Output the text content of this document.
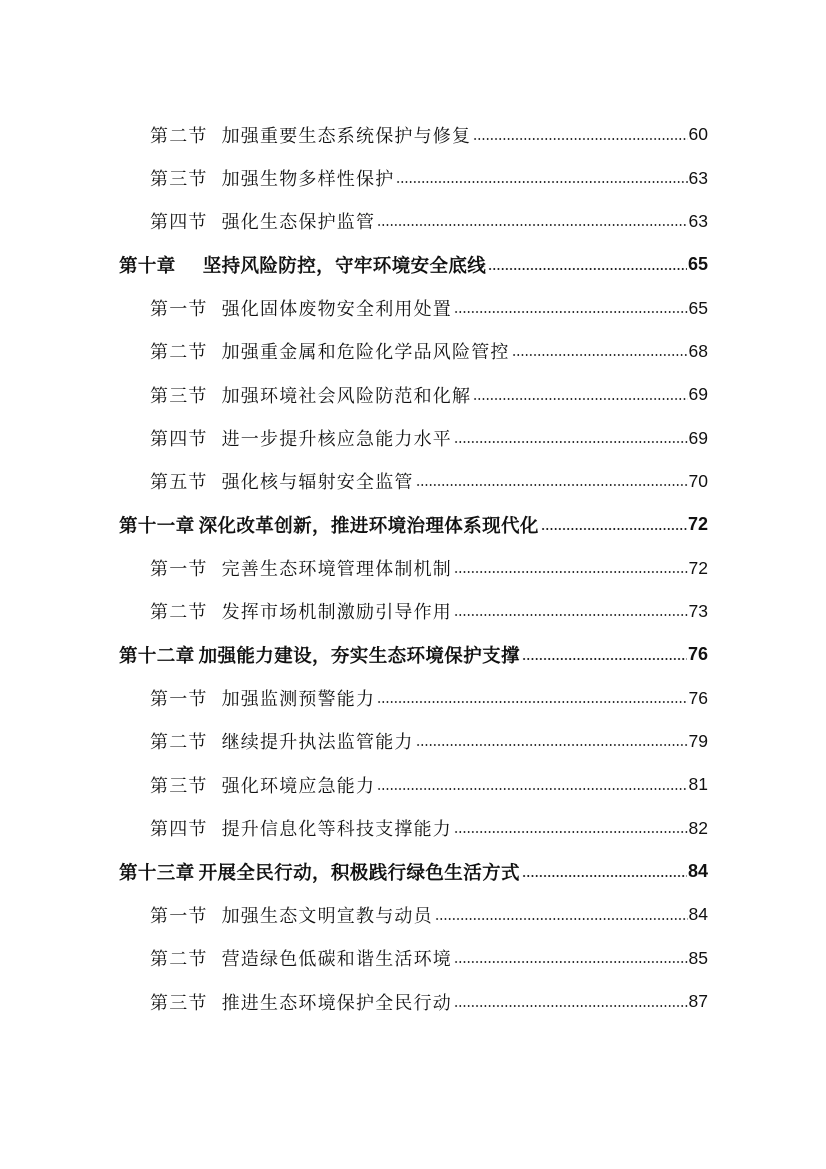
第二节 加强重要生态系统保护与修复	60
第三节 加强生物多样性保护	63
第四节 强化生态保护监管	63
第十章 坚持风险防控，守牢环境安全底线	65
第一节 强化固体废物安全利用处置	65
第二节 加强重金属和危险化学品风险管控	68
第三节 加强环境社会风险防范和化解	69
第四节 进一步提升核应急能力水平	69
第五节 强化核与辐射安全监管	70
第十一章 深化改革创新，推进环境治理体系现代化	72
第一节 完善生态环境管理体制机制	72
第二节 发挥市场机制激励引导作用	73
第十二章 加强能力建设，夯实生态环境保护支撑	76
第一节 加强监测预警能力	76
第二节 继续提升执法监管能力	79
第三节 强化环境应急能力	81
第四节 提升信息化等科技支撑能力	82
第十三章 开展全民行动，积极践行绿色生活方式	84
第一节 加强生态文明宣教与动员	84
第二节 营造绿色低碳和谐生活环境	85
第三节 推进生态环境保护全民行动	87
